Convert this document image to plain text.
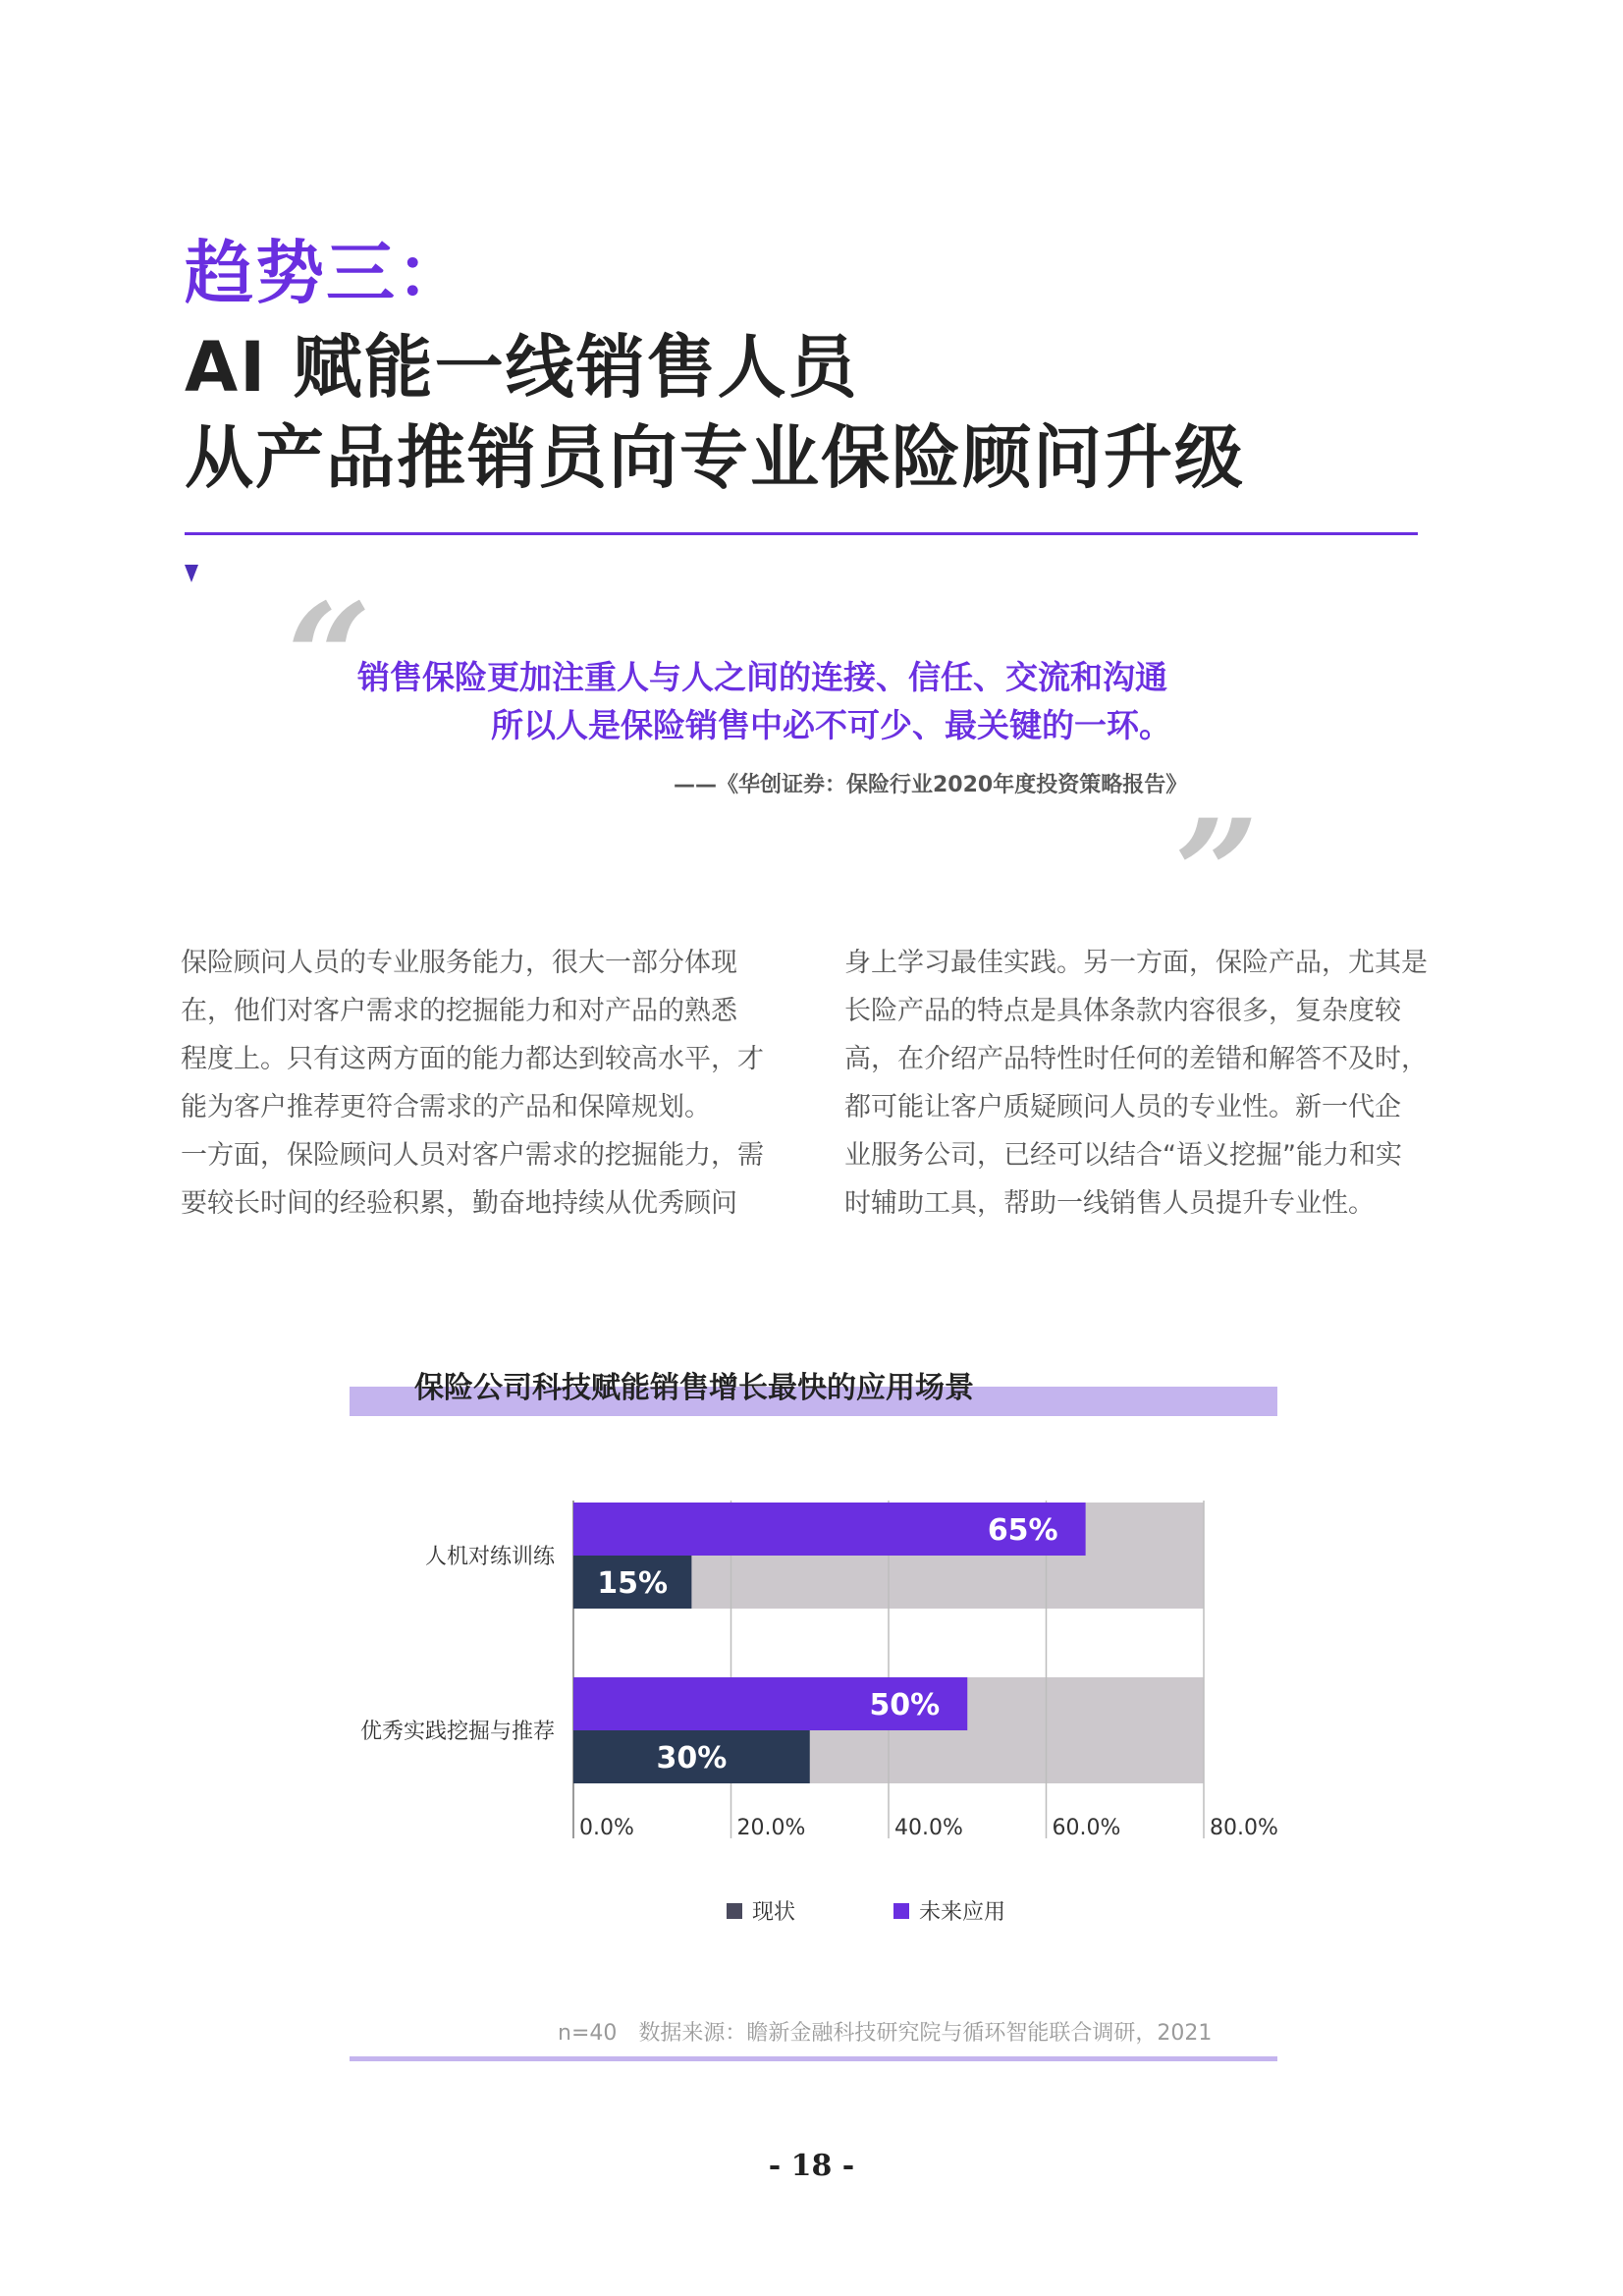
趋势三：
AI 赋能一线销售人员
从产品推销员向专业保险顾问升级
“
销售保险更加注重人与人之间的连接、信任、交流和沟通
所以人是保险销售中必不可少、最关键的一环。
——《华创证券：保险行业2020年度投资策略报告》
”
保险顾问人员的专业服务能力，很大一部分体现
在，他们对客户需求的挖掘能力和对产品的熟悉
程度上。只有这两方面的能力都达到较高水平，才
能为客户推荐更符合需求的产品和保障规划。
一方面，保险顾问人员对客户需求的挖掘能力，需
要较长时间的经验积累，勤奋地持续从优秀顾问
身上学习最佳实践。另一方面，保险产品，尤其是
长险产品的特点是具体条款内容很多，复杂度较
高，在介绍产品特性时任何的差错和解答不及时，
都可能让客户质疑顾问人员的专业性。新一代企
业服务公司，已经可以结合“语义挖掘”能力和实
时辅助工具，帮助一线销售人员提升专业性。
保险公司科技赋能销售增长最快的应用场景
0.0%	20.0%	40.0%	60.0%	80.0%
人机对练训练
65%
15%
优秀实践挖掘与推荐
50%
30%
现状	未来应用
n=40 数据来源：瞻新金融科技研究院与循环智能联合调研，2021
- 18 -
